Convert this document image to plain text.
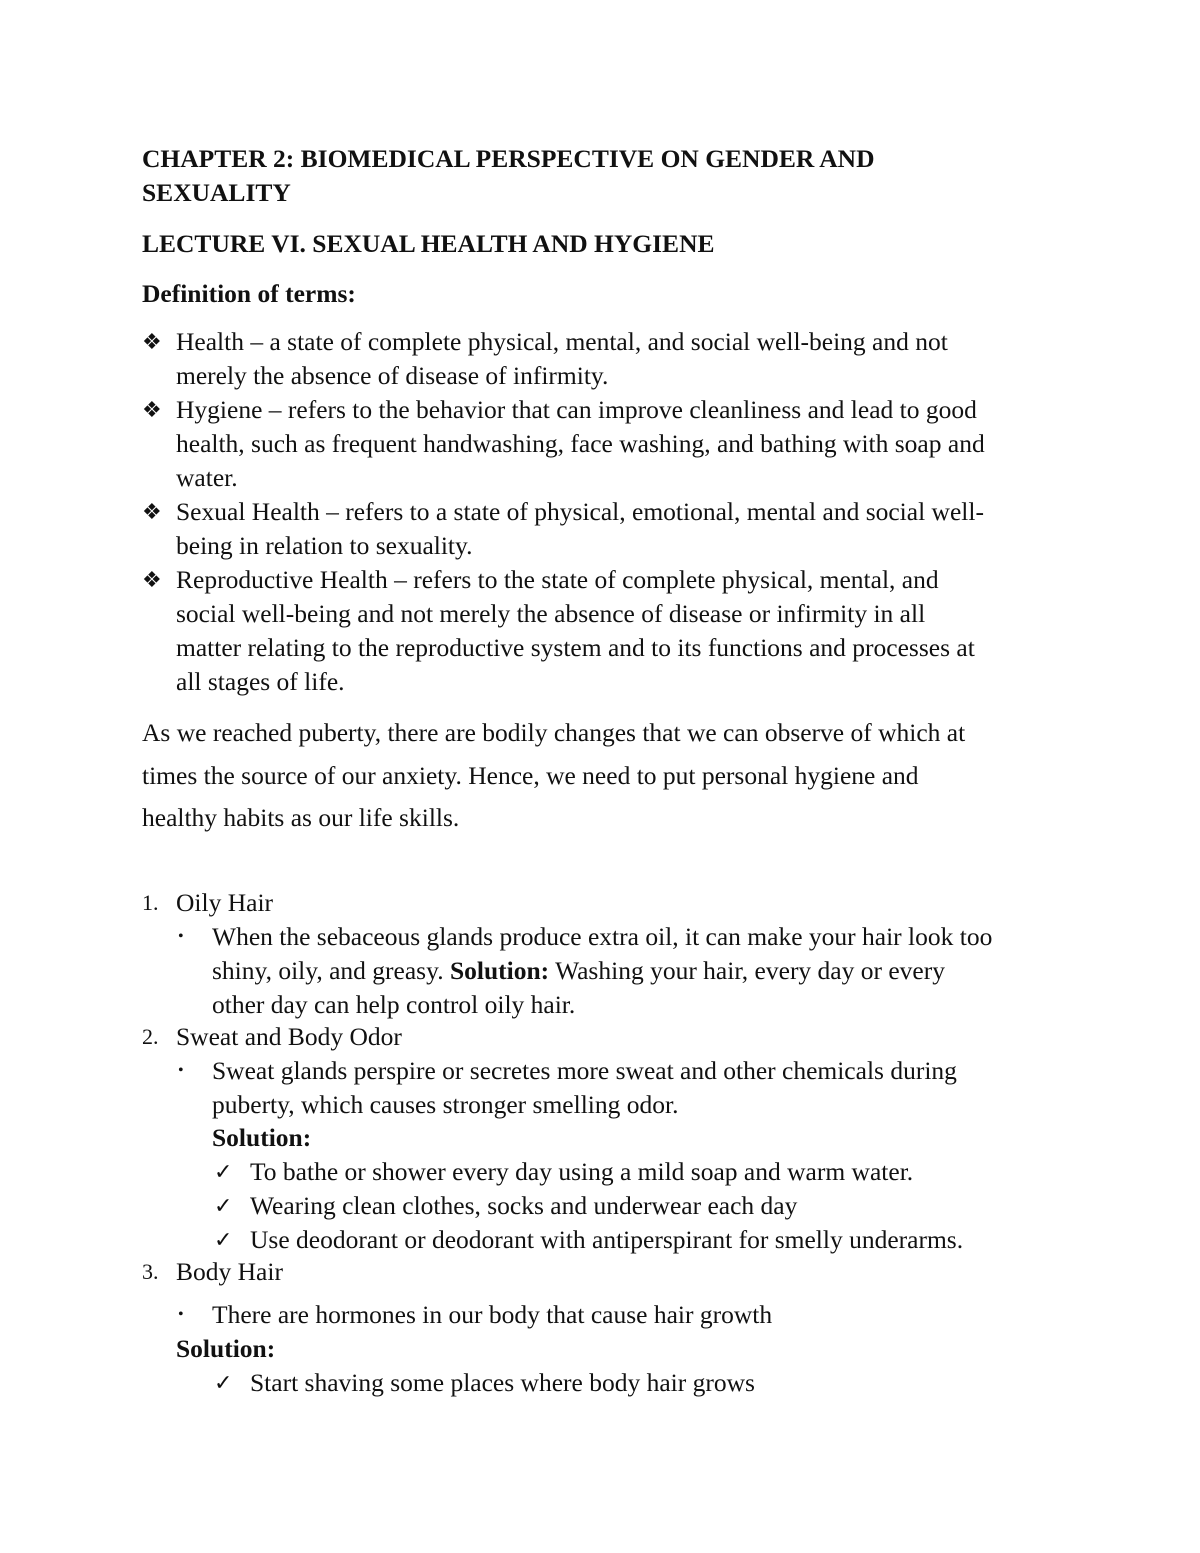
CHAPTER 2: BIOMEDICAL PERSPECTIVE ON GENDER AND
SEXUALITY
LECTURE VI. SEXUAL HEALTH AND HYGIENE
Definition of terms:
❖ Health – a state of complete physical, mental, and social well-being and not
merely the absence of disease of infirmity.
❖ Hygiene – refers to the behavior that can improve cleanliness and lead to good
health, such as frequent handwashing, face washing, and bathing with soap and
water.
❖ Sexual Health – refers to a state of physical, emotional, mental and social well-
being in relation to sexuality.
❖ Reproductive Health – refers to the state of complete physical, mental, and
social well-being and not merely the absence of disease or infirmity in all
matter relating to the reproductive system and to its functions and processes at
all stages of life.
As we reached puberty, there are bodily changes that we can observe of which at
times the source of our anxiety. Hence, we need to put personal hygiene and
healthy habits as our life skills.
1. Oily Hair
• When the sebaceous glands produce extra oil, it can make your hair look too
shiny, oily, and greasy. Solution: Washing your hair, every day or every
other day can help control oily hair.
2. Sweat and Body Odor
• Sweat glands perspire or secretes more sweat and other chemicals during
puberty, which causes stronger smelling odor.
Solution:
✓ To bathe or shower every day using a mild soap and warm water.
✓ Wearing clean clothes, socks and underwear each day
✓ Use deodorant or deodorant with antiperspirant for smelly underarms.
3. Body Hair
• There are hormones in our body that cause hair growth
Solution:
✓ Start shaving some places where body hair grows
